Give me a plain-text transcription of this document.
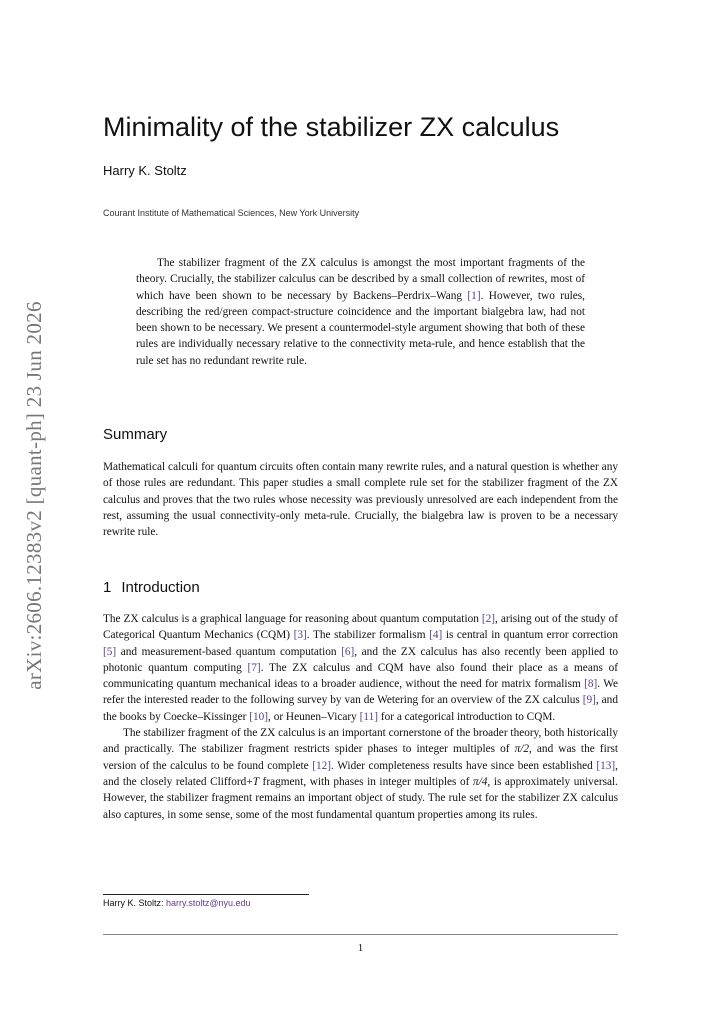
arXiv:2606.12383v2 [quant-ph] 23 Jun 2026
Minimality of the stabilizer ZX calculus
Harry K. Stoltz
Courant Institute of Mathematical Sciences, New York University

The stabilizer fragment of the ZX calculus is amongst the most important fragments of the theory. Crucially, the stabilizer calculus can be described by a small collection of rewrites, most of which have been shown to be necessary by Backens–Perdrix–Wang [1]. However, two rules, describing the red/green compact-structure coincidence and the important bialgebra law, had not been shown to be necessary. We present a countermodel-style argument showing that both of these rules are individually necessary relative to the connectivity meta-rule, and hence establish that the rule set has no redundant rewrite rule.

Summary

Mathematical calculi for quantum circuits often contain many rewrite rules, and a natural question is whether any of those rules are redundant. This paper studies a small complete rule set for the stabilizer fragment of the ZX calculus and proves that the two rules whose necessity was previously unresolved are each independent from the rest, assuming the usual connectivity-only meta-rule. Crucially, the bialgebra law is proven to be a necessary rewrite rule.

1 Introduction

The ZX calculus is a graphical language for reasoning about quantum computation [2], arising out of the study of Categorical Quantum Mechanics (CQM) [3]. The stabilizer formalism [4] is central in quantum error correction [5] and measurement-based quantum computation [6], and the ZX calculus has also recently been applied to photonic quantum computing [7]. The ZX calculus and CQM have also found their place as a means of communicating quantum mechanical ideas to a broader audience, without the need for matrix formalism [8]. We refer the interested reader to the following survey by van de Wetering for an overview of the ZX calculus [9], and the books by Coecke–Kissinger [10], or Heunen–Vicary [11] for a categorical introduction to CQM.

The stabilizer fragment of the ZX calculus is an important cornerstone of the broader theory, both historically and practically. The stabilizer fragment restricts spider phases to integer multiples of π/2, and was the first version of the calculus to be found complete [12]. Wider completeness results have since been established [13], and the closely related Clifford+T fragment, with phases in integer multiples of π/4, is approximately universal. However, the stabilizer fragment remains an important object of study. The rule set for the stabilizer ZX calculus also captures, in some sense, some of the most fundamental quantum properties among its rules.

Harry K. Stoltz: harry.stoltz@nyu.edu
1
